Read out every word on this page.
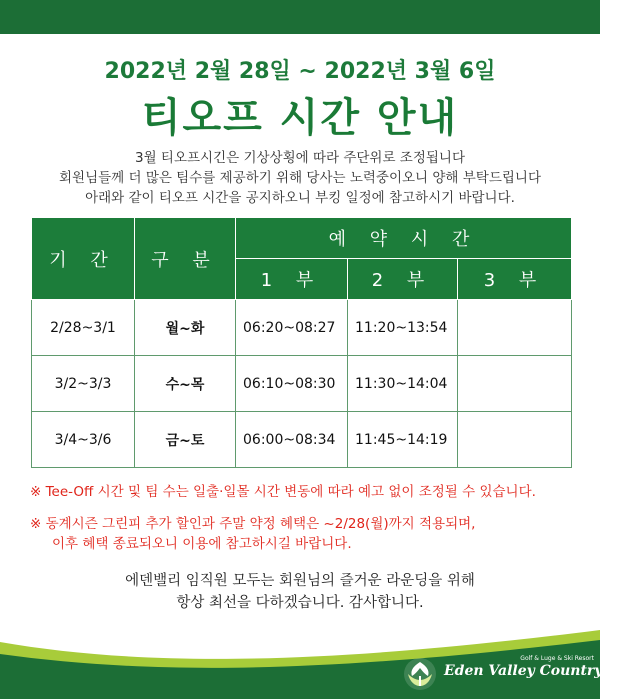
2022년 2월 28일 ~ 2022년 3월 6일
티오프 시간 안내
3월 티오프시긴은 기상상횡에 따라 주단위로 조정됩니다
회원님들께 더 많은 팀수를 제공하기 위해 당사는 노력중이오니 양해 부탁드립니다
아래와 같이 티오프 시간을 공지하오니 부킹 일정에 참고하시기 바랍니다.
기 간	구 분	예 약 시 간		
		1 부	2 부	3 부
2/28~3/1	월~화	06:20~08:27	11:20~13:54	
3/2~3/3	수~목	06:10~08:30	11:30~14:04	
3/4~3/6	금~토	06:00~08:34	11:45~14:19	
※ Tee-Off 시간 및 팀 수는 일출·일몰 시간 변동에 따라 예고 없이 조정될 수 있습니다.
※ 동계시즌 그린피 추가 할인과 주말 약정 혜택은 ~2/28(월)까지 적용되며,
이후 혜택 종료되오니 이용에 참고하시길 바랍니다.
에덴밸리 임직원 모두는 회원님의 즐거운 라운딩을 위해
항상 최선을 다하겠습니다. 감사합니다.
Golf & Luge & Ski Resort
Eden Valley Country Club
